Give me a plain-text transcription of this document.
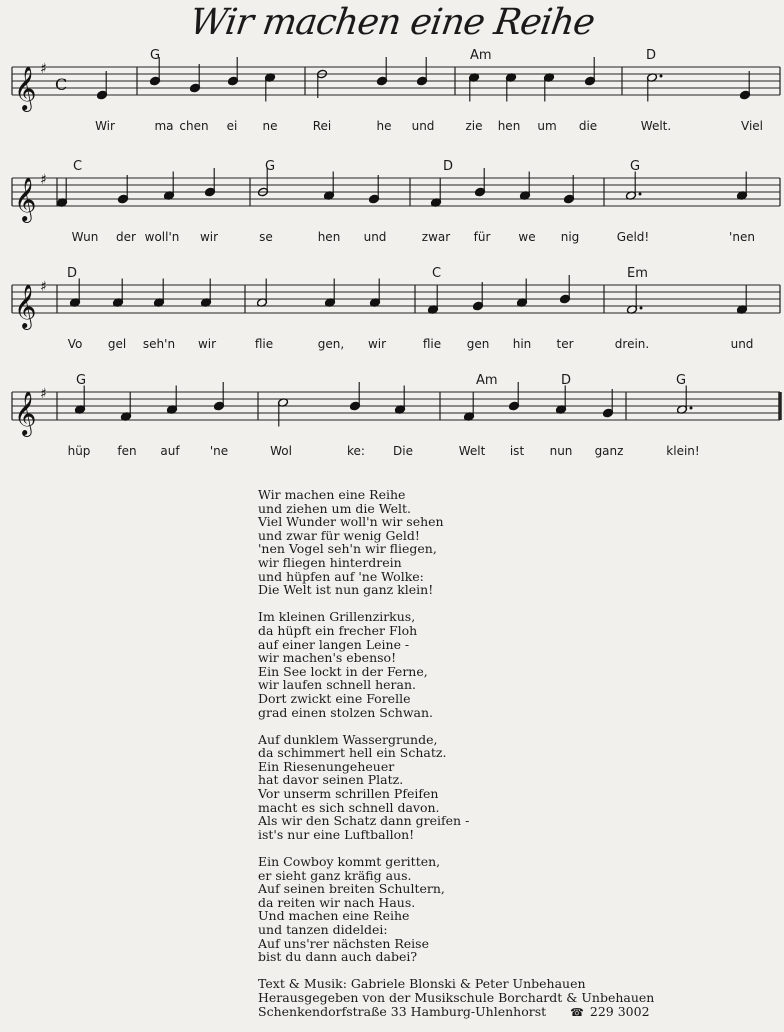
Wir machen eine Reihe
𝄞 ♯
C
G	Am	D
Wir	ma chen ei ne	Rei	he und	zie hen um die	Welt.	Viel
𝄞 ♯
C	G	D	G
Wun der woll'n wir	se	hen und	zwar für we nig	Geld!	'nen
𝄞 ♯
D	C	Em
Vo gel seh'n wir	flie	gen, wir	flie gen hin ter	drein.	und
𝄞 ♯
G	Am	D	G
hüp fen auf	'ne	Wol	ke: Die	Welt ist nun ganz	klein!
Wir machen eine Reihe
und ziehen um die Welt.
Viel Wunder woll'n wir sehen
und zwar für wenig Geld!
'nen Vogel seh'n wir fliegen,
wir fliegen hinterdrein
und hüpfen auf 'ne Wolke:
Die Welt ist nun ganz klein!
Im kleinen Grillenzirkus,
da hüpft ein frecher Floh
auf einer langen Leine -
wir machen's ebenso!
Ein See lockt in der Ferne,
wir laufen schnell heran.
Dort zwickt eine Forelle
grad einen stolzen Schwan.
Auf dunklem Wassergrunde,
da schimmert hell ein Schatz.
Ein Riesenungeheuer
hat davor seinen Platz.
Vor unserm schrillen Pfeifen
macht es sich schnell davon.
Als wir den Schatz dann greifen -
ist's nur eine Luftballon!
Ein Cowboy kommt geritten,
er sieht ganz kräfig aus.
Auf seinen breiten Schultern,
da reiten wir nach Haus.
Und machen eine Reihe
und tanzen dideldei:
Auf uns'rer nächsten Reise
bist du dann auch dabei?
Text & Musik: Gabriele Blonski & Peter Unbehauen
Herausgegeben von der Musikschule Borchardt & Unbehauen
Schenkendorfstraße 33 Hamburg-Uhlenhorst ☎ 229 3002
